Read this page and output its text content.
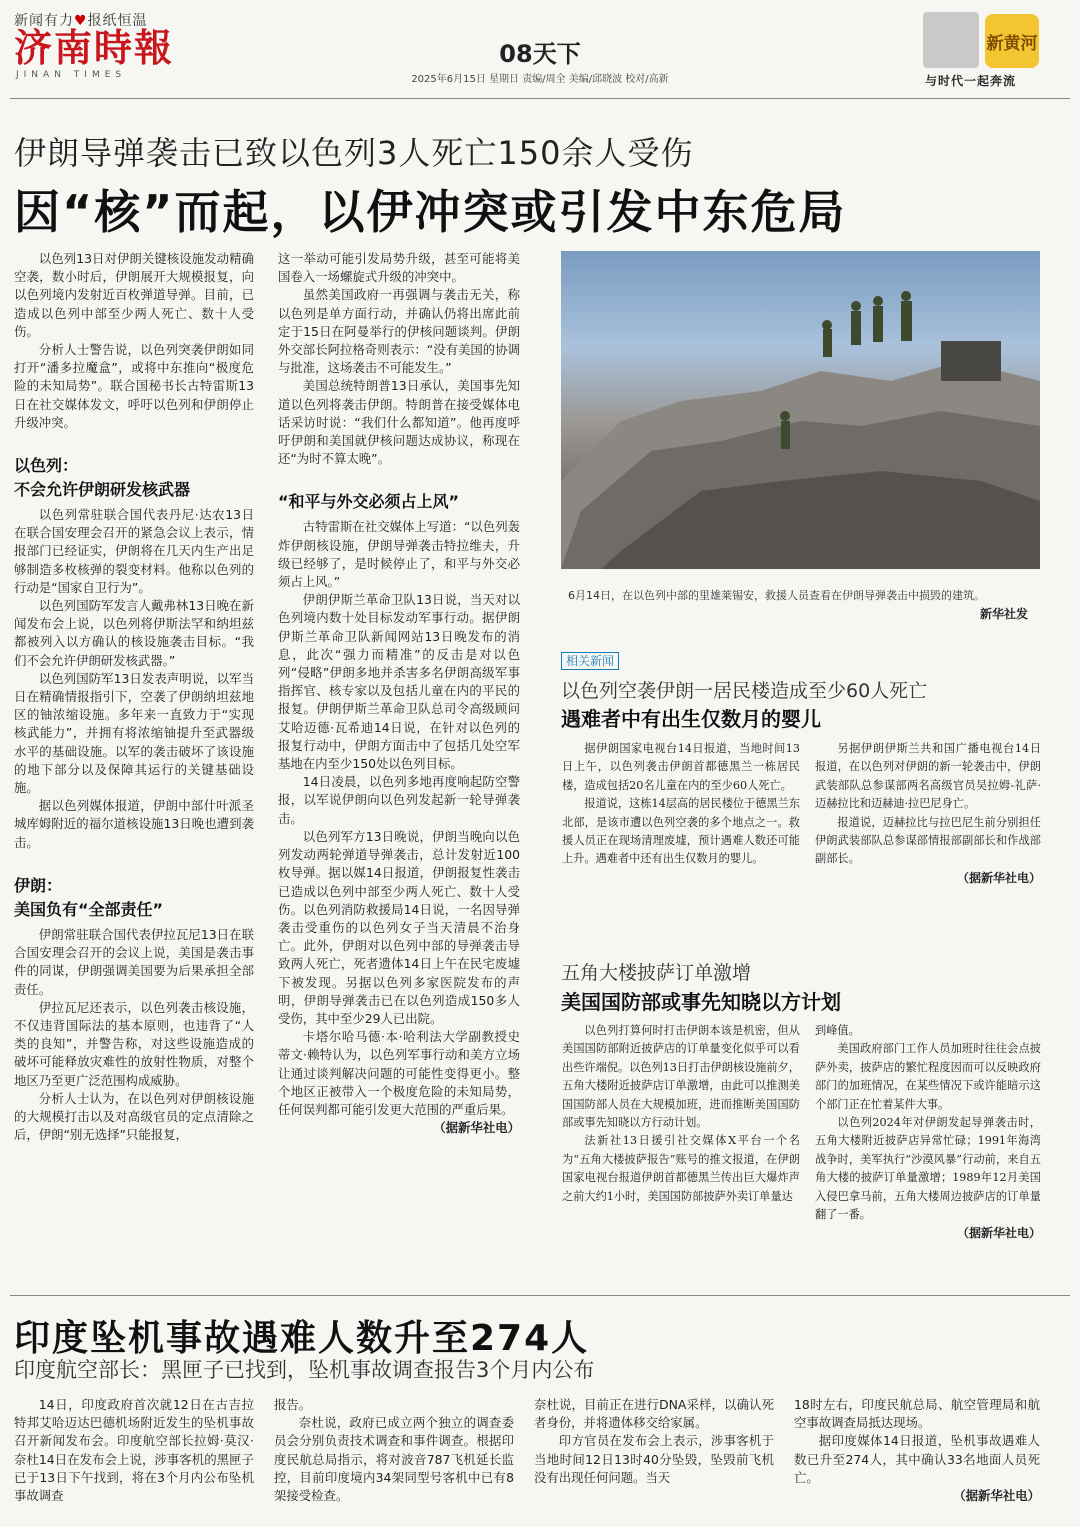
新闻有力♥报纸恒温
济南時報
JINAN TIMES
08天下
2025年6月15日 星期日 责编/周全 美编/邱晓波 校对/高新
新黄河
与时代一起奔流
伊朗导弹袭击已致以色列3人死亡150余人受伤
因“核”而起，以伊冲突或引发中东危局

以色列13日对伊朗关键核设施发动精确空袭，数小时后，伊朗展开大规模报复，向以色列境内发射近百枚弹道导弹。目前，已造成以色列中部至少两人死亡、数十人受伤。

分析人士警告说，以色列突袭伊朗如同打开“潘多拉魔盒”，或将中东推向“极度危险的未知局势”。联合国秘书长古特雷斯13日在社交媒体发文，呼吁以色列和伊朗停止升级冲突。

以色列：
不会允许伊朗研发核武器

以色列常驻联合国代表丹尼·达农13日在联合国安理会召开的紧急会议上表示，情报部门已经证实，伊朗将在几天内生产出足够制造多枚核弹的裂变材料。他称以色列的行动是“国家自卫行为”。

以色列国防军发言人戴弗林13日晚在新闻发布会上说，以色列将伊斯法罕和纳坦兹都被列入以方确认的核设施袭击目标。“我们不会允许伊朗研发核武器。”

以色列国防军13日发表声明说，以军当日在精确情报指引下，空袭了伊朗纳坦兹地区的铀浓缩设施。多年来一直致力于“实现核武能力”，并拥有将浓缩铀提升至武器级水平的基础设施。以军的袭击破坏了该设施的地下部分以及保障其运行的关键基础设施。

据以色列媒体报道，伊朗中部什叶派圣城库姆附近的福尔道核设施13日晚也遭到袭击。

伊朗：
美国负有“全部责任”

伊朗常驻联合国代表伊拉瓦尼13日在联合国安理会召开的会议上说，美国是袭击事件的同谋，伊朗强调美国要为后果承担全部责任。

伊拉瓦尼还表示，以色列袭击核设施，不仅违背国际法的基本原则，也违背了“人类的良知”，并警告称，对这些设施造成的破坏可能释放灾难性的放射性物质，对整个地区乃至更广泛范围构成威胁。

分析人士认为，在以色列对伊朗核设施的大规模打击以及对高级官员的定点清除之后，伊朗“别无选择”只能报复，

这一举动可能引发局势升级，甚至可能将美国卷入一场螺旋式升级的冲突中。

虽然美国政府一再强调与袭击无关，称以色列是单方面行动，并确认仍将出席此前定于15日在阿曼举行的伊核问题谈判。伊朗外交部长阿拉格奇则表示：“没有美国的协调与批准，这场袭击不可能发生。”

美国总统特朗普13日承认，美国事先知道以色列将袭击伊朗。特朗普在接受媒体电话采访时说：“我们什么都知道”。他再度呼吁伊朗和美国就伊核问题达成协议，称现在还“为时不算太晚”。

“和平与外交必须占上风”

古特雷斯在社交媒体上写道：“以色列轰炸伊朗核设施，伊朗导弹袭击特拉维夫，升级已经够了，是时候停止了，和平与外交必须占上风。”

伊朗伊斯兰革命卫队13日说，当天对以色列境内数十处目标发动军事行动。据伊朗伊斯兰革命卫队新闻网站13日晚发布的消息，此次“强力而精准”的反击是对以色列“侵略”伊朗多地并杀害多名伊朗高级军事指挥官、核专家以及包括儿童在内的平民的报复。伊朗伊斯兰革命卫队总司令高级顾问艾哈迈德·瓦希迪14日说，在针对以色列的报复行动中，伊朗方面击中了包括几处空军基地在内至少150处以色列目标。

14日凌晨，以色列多地再度响起防空警报，以军说伊朗向以色列发起新一轮导弹袭击。

以色列军方13日晚说，伊朗当晚向以色列发动两轮弹道导弹袭击，总计发射近100枚导弹。据以媒14日报道，伊朗报复性袭击已造成以色列中部至少两人死亡、数十人受伤。以色列消防救援局14日说，一名因导弹袭击受重伤的以色列女子当天清晨不治身亡。此外，伊朗对以色列中部的导弹袭击导致两人死亡，死者遗体14日上午在民宅废墟下被发现。另据以色列多家医院发布的声明，伊朗导弹袭击已在以色列造成150多人受伤，其中至少29人已出院。

卡塔尔哈马德·本·哈利法大学副教授史蒂文·赖特认为，以色列军事行动和美方立场让通过谈判解决问题的可能性变得更小。整个地区正被带入一个极度危险的未知局势，任何误判都可能引发更大范围的严重后果。

（据新华社电）
6月14日，在以色列中部的里雄莱锡安，救援人员查看在伊朗导弹袭击中损毁的建筑。
新华社发
相关新闻
以色列空袭伊朗一居民楼造成至少60人死亡
遇难者中有出生仅数月的婴儿

据伊朗国家电视台14日报道，当地时间13日上午，以色列袭击伊朗首都德黑兰一栋居民楼，造成包括20名儿童在内的至少60人死亡。

报道说，这栋14层高的居民楼位于德黑兰东北部，是该市遭以色列空袭的多个地点之一。救援人员正在现场清理废墟，预计遇难人数还可能上升。遇难者中还有出生仅数月的婴儿。

另据伊朗伊斯兰共和国广播电视台14日报道，在以色列对伊朗的新一轮袭击中，伊朗武装部队总参谋部两名高级官员吴拉姆-礼萨·迈赫拉比和迈赫迪·拉巴尼身亡。

报道说，迈赫拉比与拉巴尼生前分别担任伊朗武装部队总参谋部情报部副部长和作战部副部长。

（据新华社电）
五角大楼披萨订单激增
美国国防部或事先知晓以方计划

以色列打算何时打击伊朗本该是机密，但从美国国防部附近披萨店的订单量变化似乎可以看出些许端倪。以色列13日打击伊朗核设施前夕，五角大楼附近披萨店订单激增，由此可以推测美国国防部人员在大规模加班，进而推断美国国防部或事先知晓以方行动计划。

法新社13日援引社交媒体X平台一个名为“五角大楼披萨报告”账号的推文报道，在伊朗国家电视台报道伊朗首都德黑兰传出巨大爆炸声之前大约1小时，美国国防部披萨外卖订单量达

到峰值。

美国政府部门工作人员加班时往往会点披萨外卖，披萨店的繁忙程度因而可以反映政府部门的加班情况，在某些情况下或许能暗示这个部门正在忙着某件大事。

以色列2024年对伊朗发起导弹袭击时，五角大楼附近披萨店异常忙碌；1991年海湾战争时，美军执行“沙漠风暴”行动前，来自五角大楼的披萨订单量激增；1989年12月美国入侵巴拿马前，五角大楼周边披萨店的订单量翻了一番。

（据新华社电）
印度坠机事故遇难人数升至274人
印度航空部长：黑匣子已找到，坠机事故调查报告3个月内公布

14日，印度政府首次就12日在古吉拉特邦艾哈迈达巴德机场附近发生的坠机事故召开新闻发布会。印度航空部长拉姆·莫汉·奈杜14日在发布会上说，涉事客机的黑匣子已于13日下午找到，将在3个月内公布坠机事故调查

报告。
奈杜说，政府已成立两个独立的调查委员会分别负责技术调查和事件调查。根据印度民航总局指示，将对波音787飞机延长监控，目前印度境内34架同型号客机中已有8架接受检查。

奈杜说，目前正在进行DNA采样，以确认死者身份，并将遗体移交给家属。
印方官员在发布会上表示，涉事客机于当地时间12日13时40分坠毁，坠毁前飞机没有出现任何问题。当天

18时左右，印度民航总局、航空管理局和航空事故调查局抵达现场。
据印度媒体14日报道，坠机事故遇难人数已升至274人，其中确认33名地面人员死亡。

（据新华社电）
